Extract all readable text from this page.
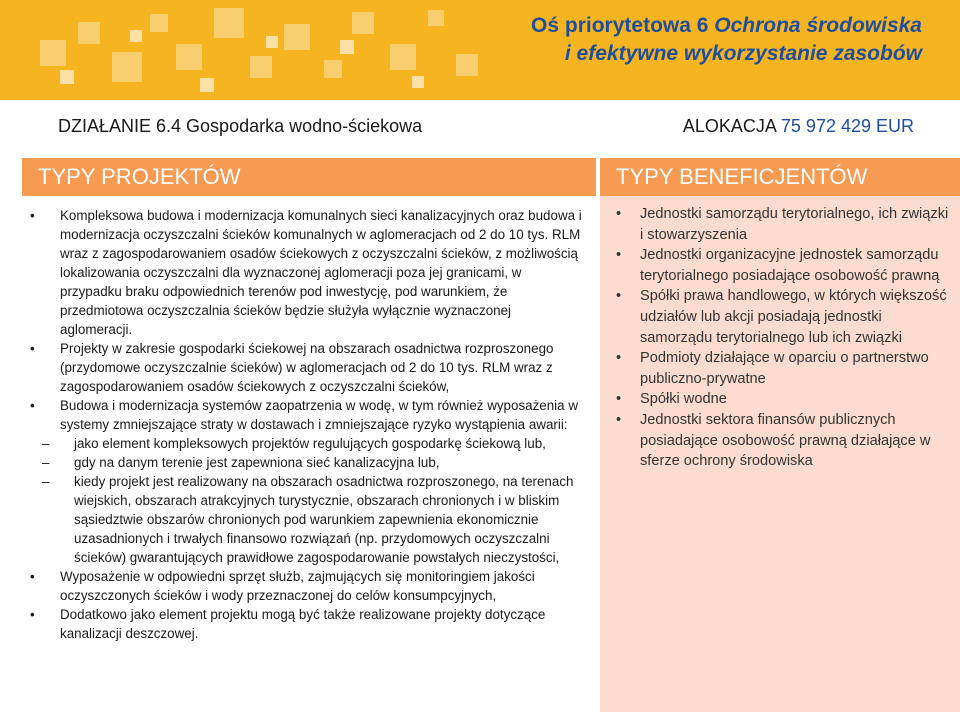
Oś priorytetowa 6 Ochrona środowiska
i efektywne wykorzystanie zasobów
DZIAŁANIE 6.4 Gospodarka wodno-ściekowa	ALOKACJA 75 972 429 EUR
TYPY PROJEKTÓW
• Kompleksowa budowa i modernizacja komunalnych sieci kanalizacyjnych oraz budowa i modernizacja oczyszczalni ścieków komunalnych w aglomeracjach od 2 do 10 tys. RLM wraz z zagospodarowaniem osadów ściekowych z oczyszczalni ścieków, z możliwością lokalizowania oczyszczalni dla wyznaczonej aglomeracji poza jej granicami, w przypadku braku odpowiednich terenów pod inwestycję, pod warunkiem, że przedmiotowa oczyszczalnia ścieków będzie służyła wyłącznie wyznaczonej aglomeracji.
• Projekty w zakresie gospodarki ściekowej na obszarach osadnictwa rozproszonego (przydomowe oczyszczalnie ścieków) w aglomeracjach od 2 do 10 tys. RLM wraz z zagospodarowaniem osadów ściekowych z oczyszczalni ścieków,
• Budowa i modernizacja systemów zaopatrzenia w wodę, w tym również wyposażenia w systemy zmniejszające straty w dostawach i zmniejszające ryzyko wystąpienia awarii:
– jako element kompleksowych projektów regulujących gospodarkę ściekową lub,
– gdy na danym terenie jest zapewniona sieć kanalizacyjna lub,
– kiedy projekt jest realizowany na obszarach osadnictwa rozproszonego, na terenach wiejskich, obszarach atrakcyjnych turystycznie, obszarach chronionych i w bliskim sąsiedztwie obszarów chronionych pod warunkiem zapewnienia ekonomicznie uzasadnionych i trwałych finansowo rozwiązań (np. przydomowych oczyszczalni ścieków) gwarantujących prawidłowe zagospodarowanie powstałych nieczystości,
• Wyposażenie w odpowiedni sprzęt służb, zajmujących się monitoringiem jakości oczyszczonych ścieków i wody przeznaczonej do celów konsumpcyjnych,
• Dodatkowo jako element projektu mogą być także realizowane projekty dotyczące kanalizacji deszczowej.
TYPY BENEFICJENTÓW
• Jednostki samorządu terytorialnego, ich związki i stowarzyszenia
• Jednostki organizacyjne jednostek samorządu terytorialnego posiadające osobowość prawną
• Spółki prawa handlowego, w których większość udziałów lub akcji posiadają jednostki samorządu terytorialnego lub ich związki
• Podmioty działające w oparciu o partnerstwo publiczno-prywatne
• Spółki wodne
• Jednostki sektora finansów publicznych posiadające osobowość prawną działające w sferze ochrony środowiska
